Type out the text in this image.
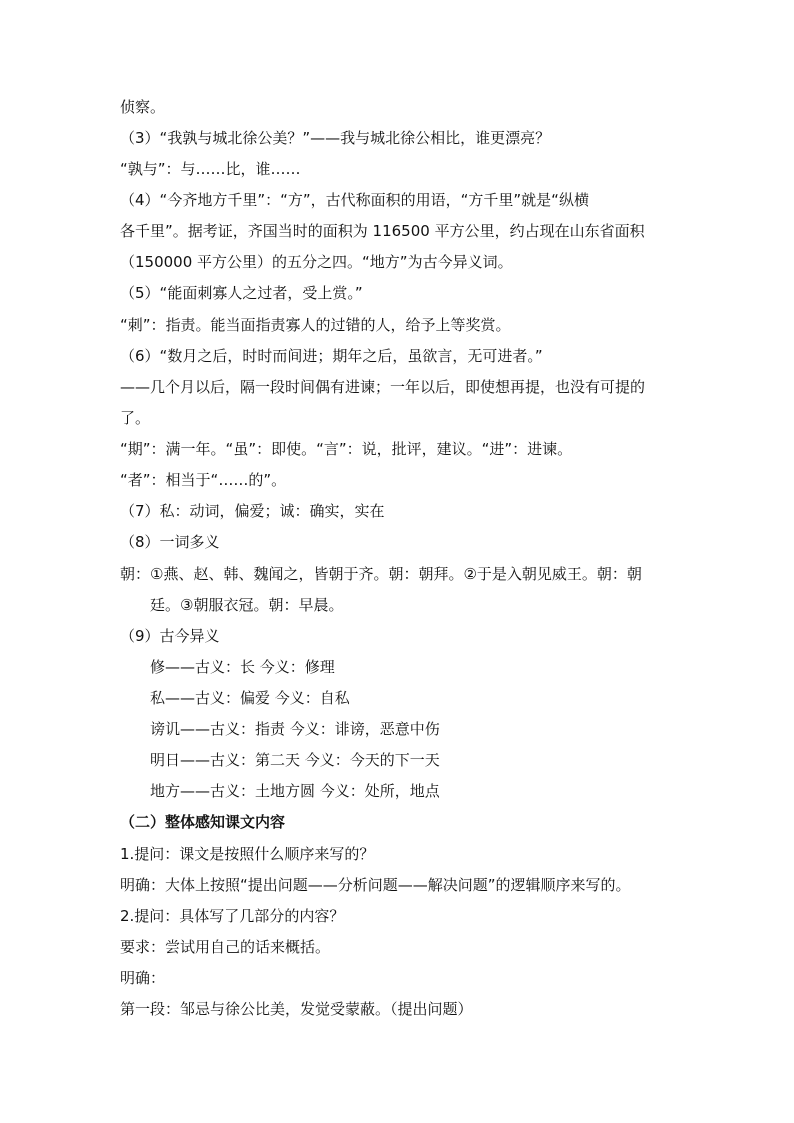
侦察。
（3）“我孰与城北徐公美？”——我与城北徐公相比，谁更漂亮？
“孰与”：与……比，谁……
（4）“今齐地方千里”：“方”，古代称面积的用语，“方千里”就是“纵横
各千里”。据考证，齐国当时的面积为 116500 平方公里，约占现在山东省面积
（150000 平方公里）的五分之四。“地方”为古今异义词。
（5）“能面刺寡人之过者，受上赏。”
“刺”：指责。能当面指责寡人的过错的人，给予上等奖赏。
（6）“数月之后，时时而间进；期年之后，虽欲言，无可进者。”
——几个月以后，隔一段时间偶有进谏；一年以后，即使想再提，也没有可提的
了。
“期”：满一年。“虽”：即使。“言”：说，批评，建议。“进”：进谏。
“者”：相当于“……的”。
（7）私：动词，偏爱；诚：确实，实在
（8）一词多义
朝：①燕、赵、韩、魏闻之，皆朝于齐。朝：朝拜。②于是入朝见威王。朝：朝
廷。③朝服衣冠。朝：早晨。
（9）古今异义
修——古义：长 今义：修理
私——古义：偏爱 今义：自私
谤讥——古义：指责 今义：诽谤，恶意中伤
明日——古义：第二天 今义：今天的下一天
地方——古义：土地方圆 今义：处所，地点
（二）整体感知课文内容
1.提问：课文是按照什么顺序来写的？
明确：大体上按照“提出问题——分析问题——解决问题”的逻辑顺序来写的。
2.提问：具体写了几部分的内容？
要求：尝试用自己的话来概括。
明确：
第一段：邹忌与徐公比美，发觉受蒙蔽。（提出问题）
